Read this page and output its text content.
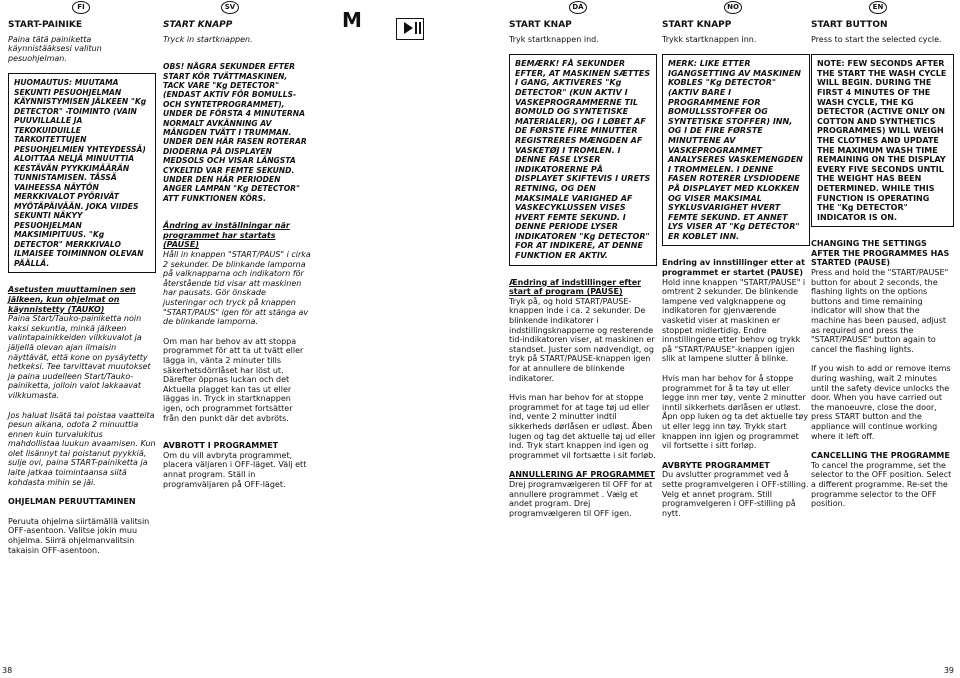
FI
START-PAINIKE
Paina tätä painiketta käynnistääksesi valitun pesuohjelman.
HUOMAUTUS: MUUTAMA SEKUNTI PESUOHJELMAN KÄYNNISTYMISEN JÄLKEEN "Kg DETECTOR" -TOIMINTO (VAIN PUUVILLALLE JA TEKOKUIDUILLE TARKOITETTUJEN PESUOHJELMIEN YHTEYDESSÄ) ALOITTAA NELJÄ MINUUTTIA KESTÄVÄN PYYKKIMÄÄRÄN TUNNISTAMISEN. TÄSSÄ VAIHEESSA NÄYTÖN MERKKIVALOT PYÖRIVÄT MYÖTÄPÄIVÄÄN. JOKA VIIDES SEKUNTI NÄKYY PESUOHJELMAN MAKSIMIPITUUS. "Kg DETECTOR" MERKKIVALO ILMAISEE TOIMINNON OLEVAN PÄÄLLÄ.
Asetusten muuttaminen sen jälkeen, kun ohjelmat on käynnistetty (TAUKO)
Paina Start/Tauko-painiketta noin kaksi sekuntia, minkä jälkeen valintapainikkeiden vilkkuvalot ja jäljellä olevan ajan ilmaisin näyttävät, että kone on pysäytetty hetkeksi. Tee tarvittavat muutokset ja paina uudelleen Start/Tauko-painiketta, jolloin valot lakkaavat vilkkumasta.
Jos haluat lisätä tai poistaa vaatteita pesun aikana, odota 2 minuuttia ennen kuin turvalukitus mahdollistaa luukun avaamisen. Kun olet lisännyt tai poistanut pyykkiä, sulje ovi, paina START-painiketta ja laite jatkaa toimintaansa siitä kohdasta mihin se jäi.
OHJELMAN PERUUTTAMINEN
Peruuta ohjelma siirtämällä valitsin OFF-asentoon. Valitse jokin muu ohjelma. Siirrä ohjelmanvalitsin takaisin OFF-asentoon.
38
SV
START KNAPP
Tryck in startknappen.
OBS! NÅGRA SEKUNDER EFTER START KÖR TVÄTTMASKINEN, TACK VARE "Kg DETECTOR" (ENDAST AKTIV FÖR BOMULLS- OCH SYNTETPROGRAMMET), UNDER DE FÖRSTA 4 MINUTERNA NORMALT AVKÄNNING AV MÄNGDEN TVÄTT I TRUMMAN. UNDER DEN HÄR FASEN ROTERAR DIODERNA PÅ DISPLAYEN MEDSOLS OCH VISAR LÄNGSTA CYKELTID VAR FEMTE SEKUND. UNDER DEN HÄR PERIODEN ANGER LAMPAN "Kg DETECTOR" ATT FUNKTIONEN KÖRS.
Ändring av inställningar när programmet har startats (PAUSE)
Håll in knappen "START/PAUS" i cirka 2 sekunder. De blinkande lamporna på valknapparna och indikatorn för återstående tid visar att maskinen har pausats. Gör önskade justeringar och tryck på knappen "START/PAUS" igen för att stänga av de blinkande lamporna.
Om man har behov av att stoppa programmet för att ta ut tvätt eller lägga in, vänta 2 minuter tills säkerhetsdörrlåset har löst ut. Därefter öppnas luckan och det Aktuella plagget kan tas ut eller läggas in. Tryck in startknappen igen, och programmet fortsätter från den punkt där det avbröts.
AVBROTT I PROGRAMMET
Om du vill avbryta programmet, placera väljaren i OFF-läget. Välj ett annat program. Ställ in programväljaren på OFF-läget.
M
DA
START KNAP
Tryk startknappen ind.
BEMÆRK! FÅ SEKUNDER EFTER, AT MASKINEN SÆTTES I GANG, AKTIVERES "Kg DETECTOR" (KUN AKTIV I VASKEPROGRAMMERNE TIL BOMULD OG SYNTETISKE MATERIALER), OG I LØBET AF DE FØRSTE FIRE MINUTTER REGISTRERES MÆNGDEN AF VASKETØJ I TROMLEN. I DENNE FASE LYSER INDIKATORERNE PÅ DISPLAYET SKIFTEVIS I URETS RETNING, OG DEN MAKSIMALE VARIGHED AF VASKECYKLUSSEN VISES HVERT FEMTE SEKUND. I DENNE PERIODE LYSER INDIKATOREN "Kg DETECTOR" FOR AT INDIKERE, AT DENNE FUNKTION ER AKTIV.
Ændring af indstillinger efter start af program (PAUSE)
Tryk på, og hold START/PAUSE-knappen inde i ca. 2 sekunder. De blinkende indikatorer i indstillingsknapperne og resterende tid-indikatoren viser, at maskinen er standset. Juster som nødvendigt, og tryk på START/PAUSE-knappen igen for at annullere de blinkende indikatorer.
Hvis man har behov for at stoppe programmet for at tage tøj ud eller ind, vente 2 minutter indtil sikkerheds dørlåsen er udløst. Åben lugen og tag det aktuelle tøj ud eller ind. Tryk start knappen ind igen og programmet vil fortsætte i sit forløb.
ANNULLERING AF PROGRAMMET
Drej programvælgeren til OFF for at annullere programmet . Vælg et andet program. Drej programvælgeren til OFF igen.
NO
START KNAPP
Trykk startknappen inn.
MERK: LIKE ETTER IGANGSETTING AV MASKINEN KOBLES "Kg DETECTOR" (AKTIV BARE I PROGRAMMENE FOR BOMULLSSTOFFER OG SYNTETISKE STOFFER) INN, OG I DE FIRE FØRSTE MINUTTENE AV VASKEPROGRAMMET ANALYSERES VASKEMENGDEN I TROMMELEN. I DENNE FASEN ROTERER LYSDIODENE PÅ DISPLAYET MED KLOKKEN OG VISER MAKSIMAL SYKLUSVARIGHET HVERT FEMTE SEKUND. ET ANNET LYS VISER AT "Kg DETECTOR" ER KOBLET INN.
Endring av innstillinger etter at programmet er startet (PAUSE)
Hold inne knappen "START/PAUSE" i omtrent 2 sekunder. De blinkende lampene ved valgknappene og indikatoren for gjenværende vasketid viser at maskinen er stoppet midlertidig. Endre innstillingene etter behov og trykk på "START/PAUSE"-knappen igjen slik at lampene slutter å blinke.
Hvis man har behov for å stoppe programmet for å ta tøy ut eller legge inn mer tøy, vente 2 minutter inntil sikkerhets dørlåsen er utløst. Åpn opp luken og ta det aktuelle tøy ut eller legg inn tøy. Trykk start knappen inn igjen og programmet vil fortsette i sitt forløp.
AVBRYTE PROGRAMMET
Du avslutter programmet ved å sette programvelgeren i OFF-stilling. Velg et annet program. Still programvelgeren i OFF-stilling på nytt.
EN
START BUTTON
Press to start the selected cycle.
NOTE: FEW SECONDS AFTER THE START THE WASH CYCLE WILL BEGIN. DURING THE FIRST 4 MINUTES OF THE WASH CYCLE, THE KG DETECTOR (ACTIVE ONLY ON COTTON AND SYNTHETICS PROGRAMMES) WILL WEIGH THE CLOTHES AND UPDATE THE MAXIMUM WASH TIME REMAINING ON THE DISPLAY EVERY FIVE SECONDS UNTIL THE WEIGHT HAS BEEN DETERMINED. WHILE THIS FUNCTION IS OPERATING THE "Kg DETECTOR" INDICATOR IS ON.
CHANGING THE SETTINGS AFTER THE PROGRAMMES HAS STARTED (PAUSE)
Press and hold the "START/PAUSE" button for about 2 seconds, the flashing lights on the options buttons and time remaining indicator will show that the machine has been paused, adjust as required and press the "START/PAUSE" button again to cancel the flashing lights.
If you wish to add or remove items during washing, wait 2 minutes until the safety device unlocks the door. When you have carried out the manoeuvre, close the door, press START button and the appliance will continue working where it left off.
CANCELLING THE PROGRAMME
To cancel the programme, set the selector to the OFF position. Select a different programme. Re-set the programme selector to the OFF position.
39
